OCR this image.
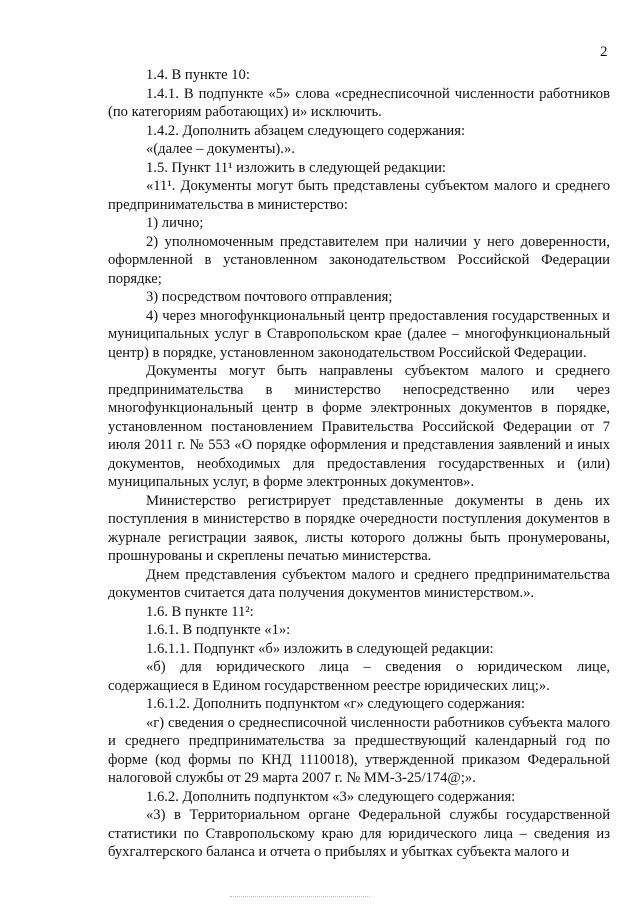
2

1.4. В пункте 10:

1.4.1. В подпункте «5» слова «среднесписочной численности работников (по категориям работающих) и» исключить.

1.4.2. Дополнить абзацем следующего содержания:

«(далее – документы).».

1.5. Пункт 11¹ изложить в следующей редакции:

«11¹. Документы могут быть представлены субъектом малого и среднего предпринимательства в министерство:

1) лично;

2) уполномоченным представителем при наличии у него доверенности, оформленной в установленном законодательством Российской Федерации порядке;

3) посредством почтового отправления;

4) через многофункциональный центр предоставления государственных и муниципальных услуг в Ставропольском крае (далее – многофункциональный центр) в порядке, установленном законодательством Российской Федерации.

Документы могут быть направлены субъектом малого и среднего предпринимательства в министерство непосредственно или через многофункциональный центр в форме электронных документов в порядке, установленном постановлением Правительства Российской Федерации от 7 июля 2011 г. № 553 «О порядке оформления и представления заявлений и иных документов, необходимых для предоставления государственных и (или) муниципальных услуг, в форме электронных документов».

Министерство регистрирует представленные документы в день их поступления в министерство в порядке очередности поступления документов в журнале регистрации заявок, листы которого должны быть пронумерованы, прошнурованы и скреплены печатью министерства.

Днем представления субъектом малого и среднего предпринимательства документов считается дата получения документов министерством.».

1.6. В пункте 11²:

1.6.1. В подпункте «1»:

1.6.1.1. Подпункт «б» изложить в следующей редакции:

«б) для юридического лица – сведения о юридическом лице, содержащиеся в Едином государственном реестре юридических лиц;».

1.6.1.2. Дополнить подпунктом «г» следующего содержания:

«г) сведения о среднесписочной численности работников субъекта малого и среднего предпринимательства за предшествующий календарный год по форме (код формы по КНД 1110018), утвержденной приказом Федеральной налоговой службы от 29 марта 2007 г. № ММ-3-25/174@;».

1.6.2. Дополнить подпунктом «3» следующего содержания:

«3) в Территориальном органе Федеральной службы государственной статистики по Ставропольскому краю для юридического лица – сведения из бухгалтерского баланса и отчета о прибылях и убытках субъекта малого и
